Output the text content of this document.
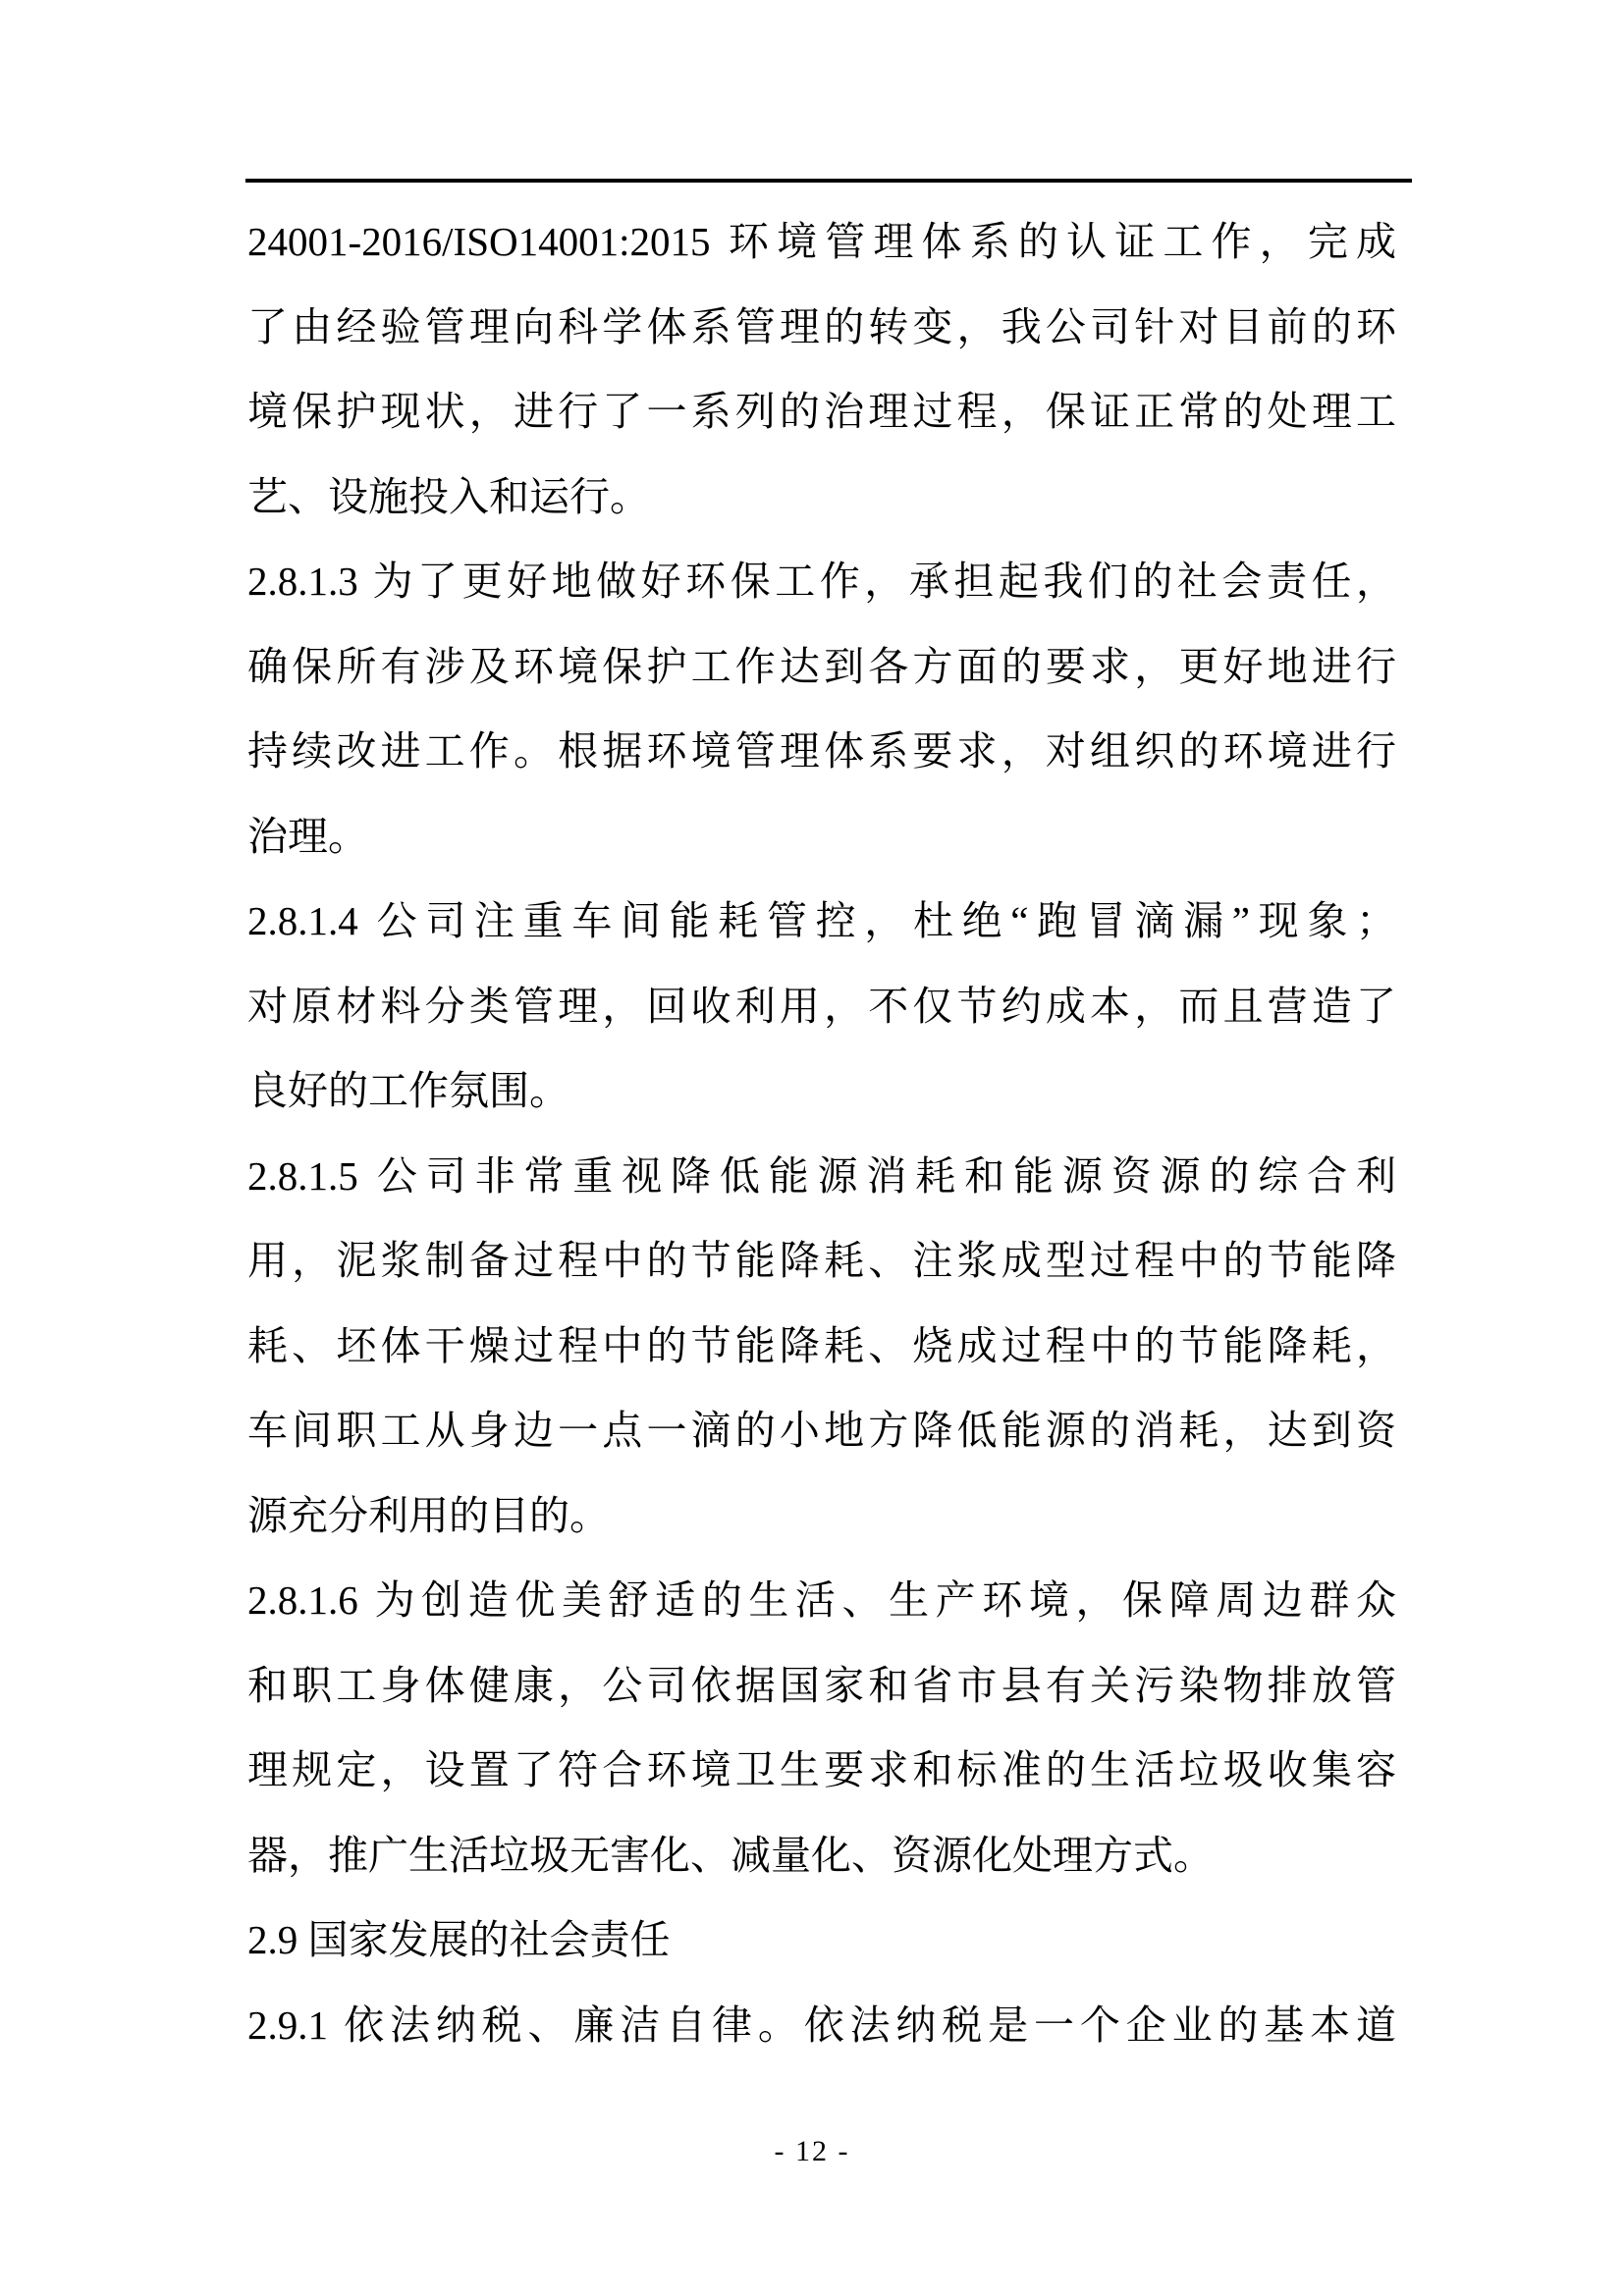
24001-2016/ISO14001:2015 环境管理体系的认证工作，完成
了由经验管理向科学体系管理的转变，我公司针对目前的环
境保护现状，进行了一系列的治理过程，保证正常的处理工
艺、设施投入和运行。
2.8.1.3 为了更好地做好环保工作，承担起我们的社会责任，
确保所有涉及环境保护工作达到各方面的要求，更好地进行
持续改进工作。根据环境管理体系要求，对组织的环境进行
治理。
2.8.1.4 公司注重车间能耗管控，杜绝“跑冒滴漏”现象；
对原材料分类管理，回收利用，不仅节约成本，而且营造了
良好的工作氛围。
2.8.1.5 公司非常重视降低能源消耗和能源资源的综合利
用，泥浆制备过程中的节能降耗、注浆成型过程中的节能降
耗、坯体干燥过程中的节能降耗、烧成过程中的节能降耗，
车间职工从身边一点一滴的小地方降低能源的消耗，达到资
源充分利用的目的。
2.8.1.6 为创造优美舒适的生活、生产环境，保障周边群众
和职工身体健康，公司依据国家和省市县有关污染物排放管
理规定，设置了符合环境卫生要求和标准的生活垃圾收集容
器，推广生活垃圾无害化、减量化、资源化处理方式。
2.9 国家发展的社会责任
2.9.1 依法纳税、廉洁自律。依法纳税是一个企业的基本道
- 12 -
